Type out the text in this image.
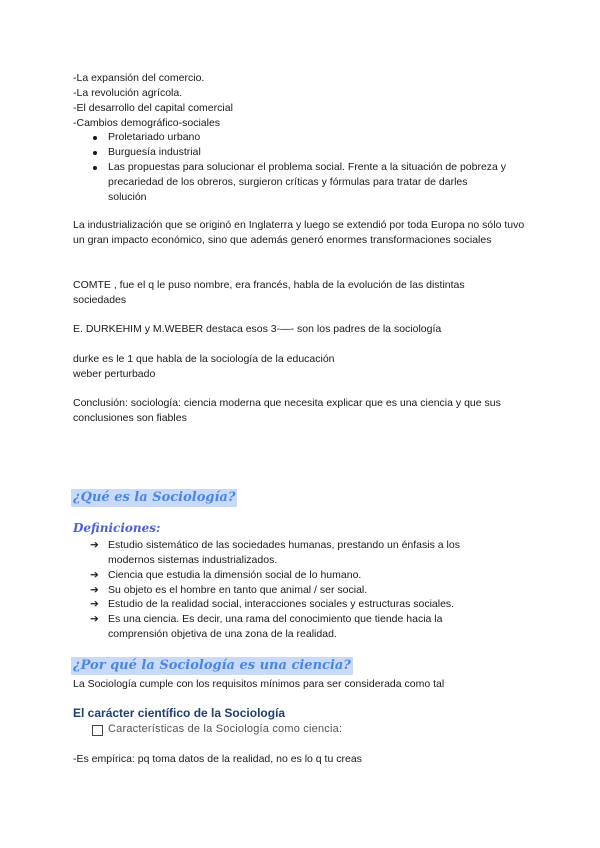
-La expansión del comercio.
-La revolución agrícola.
-El desarrollo del capital comercial
-Cambios demográfico-sociales
Proletariado urbano
Burguesía industrial
Las propuestas para solucionar el problema social. Frente a la situación de pobreza y precariedad de los obreros, surgieron críticas y fórmulas para tratar de darles solución
La industrialización que se originó en Inglaterra y luego se extendió por toda Europa no sólo tuvo un gran impacto económico, sino que además generó enormes transformaciones sociales
COMTE , fue el q le puso nombre, era francés, habla de la evolución de las distintas sociedades
E. DURKEHIM y M.WEBER destaca esos 3-—- son los padres de la sociología
durke es le 1 que habla de la sociología de la educación
weber perturbado
Conclusión: sociología: ciencia moderna que necesita explicar que es una ciencia y que sus conclusiones son fiables
¿Qué es la Sociología?
Definiciones:
➔ Estudio sistemático de las sociedades humanas, prestando un énfasis a los modernos sistemas industrializados.
➔ Ciencia que estudia la dimensión social de lo humano.
➔ Su objeto es el hombre en tanto que animal / ser social.
➔ Estudio de la realidad social, interacciones sociales y estructuras sociales.
➔ Es una ciencia. Es decir, una rama del conocimiento que tiende hacia la comprensión objetiva de una zona de la realidad.
¿Por qué la Sociología es una ciencia?
La Sociología cumple con los requisitos mínimos para ser considerada como tal
El carácter científico de la Sociología
Características de la Sociología como ciencia:
-Es empírica: pq toma datos de la realidad, no es lo q tu creas
